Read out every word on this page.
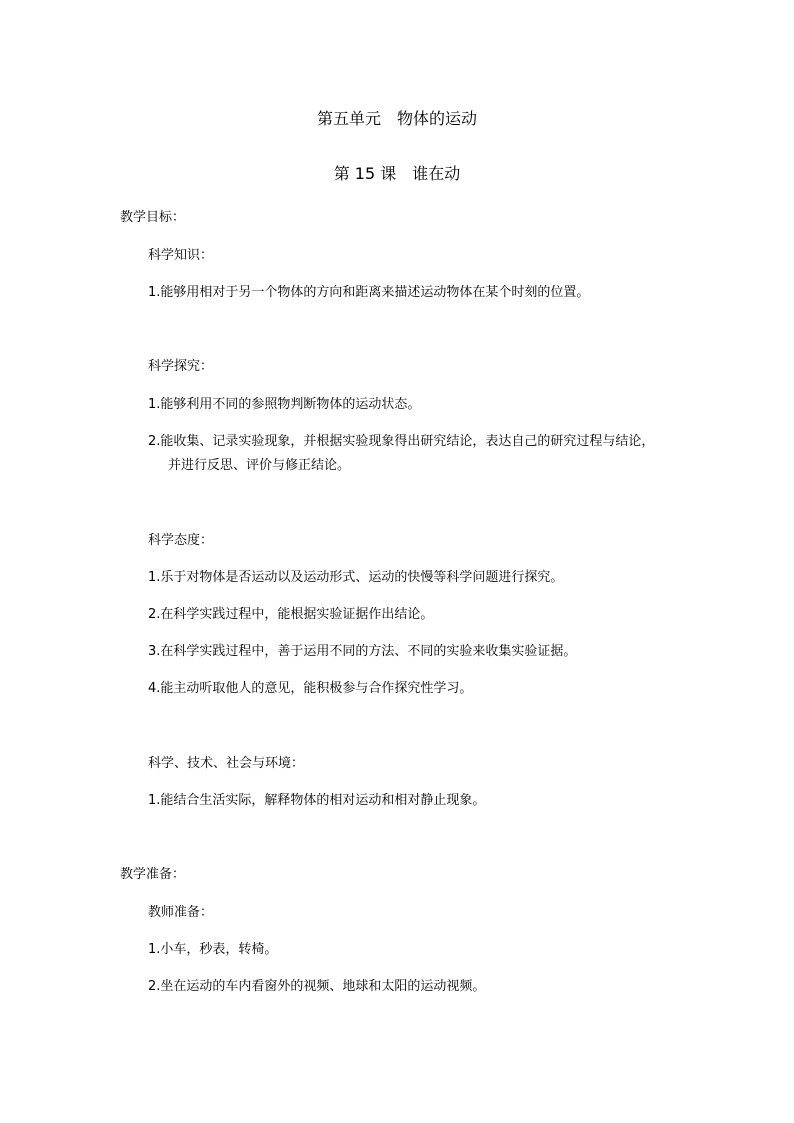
第五单元　物体的运动
第 15 课　谁在动
教学目标：
科学知识：
1.能够用相对于另一个物体的方向和距离来描述运动物体在某个时刻的位置。
科学探究：
1.能够利用不同的参照物判断物体的运动状态。
2.能收集、记录实验现象，并根据实验现象得出研究结论，表达自己的研究过程与结论，
并进行反思、评价与修正结论。
科学态度：
1.乐于对物体是否运动以及运动形式、运动的快慢等科学问题进行探究。
2.在科学实践过程中，能根据实验证据作出结论。
3.在科学实践过程中，善于运用不同的方法、不同的实验来收集实验证据。
4.能主动听取他人的意见，能积极参与合作探究性学习。
科学、技术、社会与环境：
1.能结合生活实际，解释物体的相对运动和相对静止现象。
教学准备：
教师准备：
1.小车，秒表，转椅。
2.坐在运动的车内看窗外的视频、地球和太阳的运动视频。
